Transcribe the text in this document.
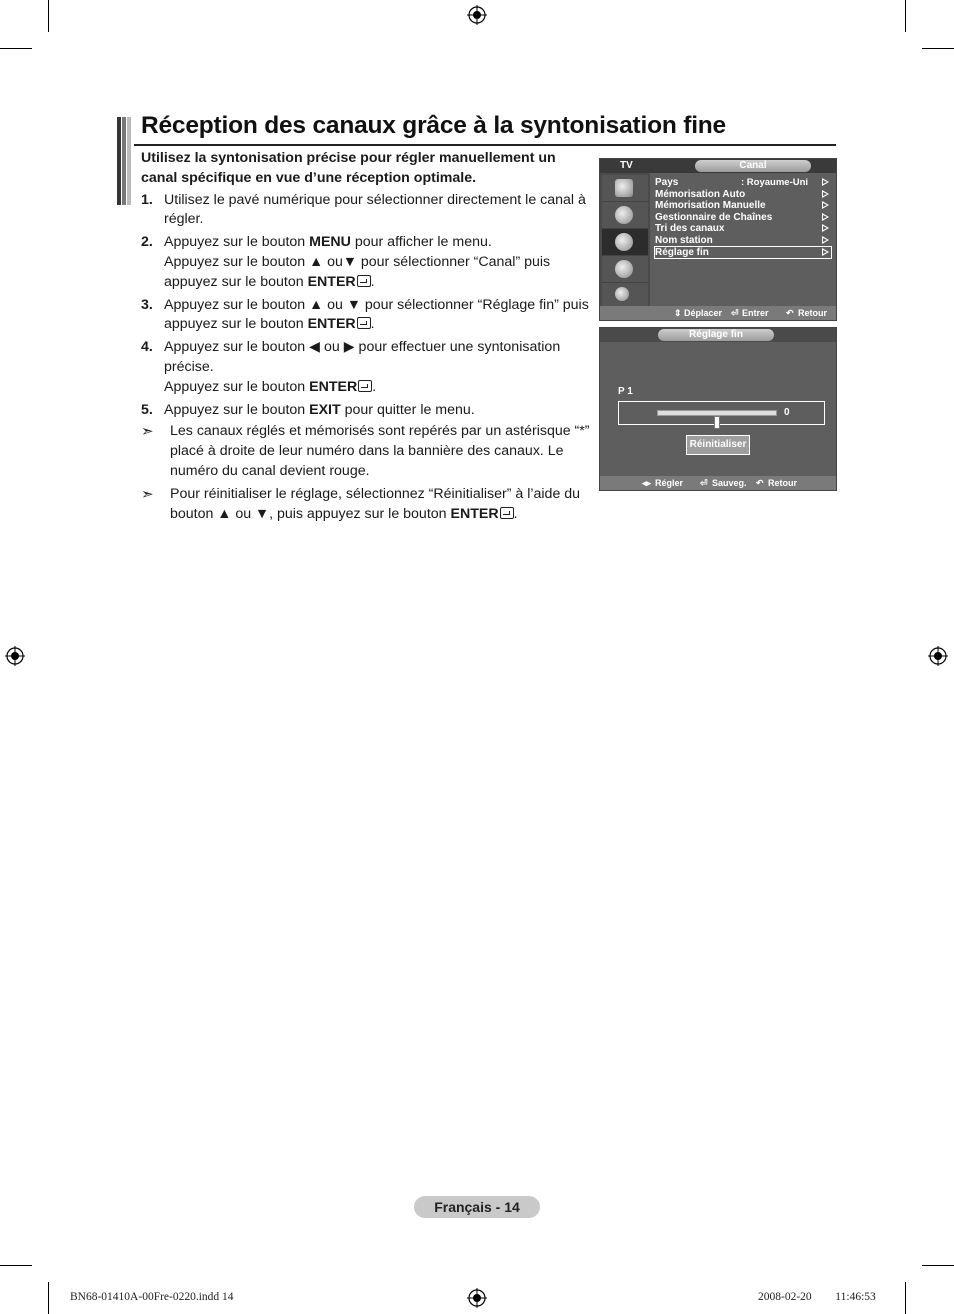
Réception des canaux grâce à la syntonisation fine

Utilisez la syntonisation précise pour régler manuellement un canal spécifique en vue d’une réception optimale.

1. Utilisez le pavé numérique pour sélectionner directement le canal à régler.
2. Appuyez sur le bouton MENU pour afficher le menu.
Appuyez sur le bouton ▲ ou▼ pour sélectionner “Canal” puis appuyez sur le bouton ENTER .
3. Appuyez sur le bouton ▲ ou ▼ pour sélectionner “Réglage fin” puis appuyez sur le bouton ENTER .
4. Appuyez sur le bouton ◀ ou ▶ pour effectuer une syntonisation précise.
Appuyez sur le bouton ENTER .
5. Appuyez sur le bouton EXIT pour quitter le menu.
➣ Les canaux réglés et mémorisés sont repérés par un astérisque “*” placé à droite de leur numéro dans la bannière des canaux. Le numéro du canal devient rouge.
➣ Pour réinitialiser le réglage, sélectionnez “Réinitialiser” à l’aide du bouton ▲ ou ▼, puis appuyez sur le bouton ENTER .
TV	Canal
Pays	: Royaume-Uni
Mémorisation Auto
Mémorisation Manuelle
Gestionnaire de Chaînes
Tri des canaux
Nom station
Réglage fin
⇕ Déplacer ⏎ Entrer ↶ Retour
Réglage fin
P 1
0
Réinitialiser
◂▸ Régler ⏎ Sauveg. ↶ Retour
Français - 14
BN68-01410A-00Fre-0220.indd 14	2008-02-20 ￿￿ 11:46:53
